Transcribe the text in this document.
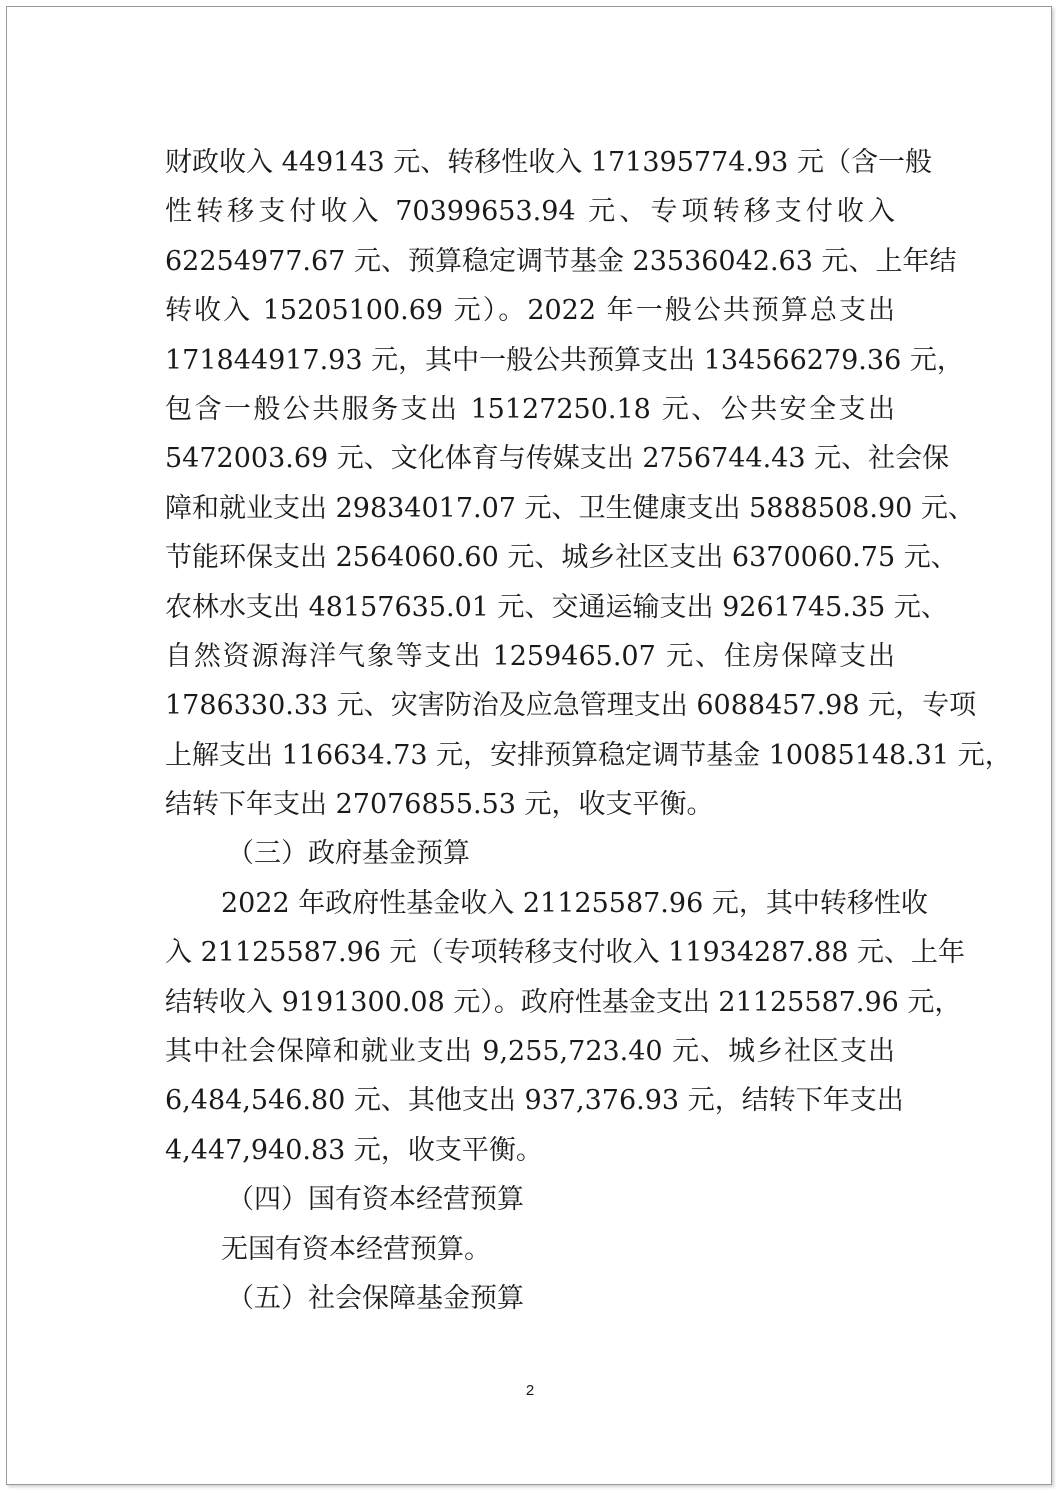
财政收入 449143 元、转移性收入 171395774.93 元（含一般
性转移支付收入 70399653.94 元、专项转移支付收入
62254977.67 元、预算稳定调节基金 23536042.63 元、上年结
转收入 15205100.69 元）。2022 年一般公共预算总支出
171844917.93 元，其中一般公共预算支出 134566279.36 元，
包含一般公共服务支出 15127250.18 元、公共安全支出
5472003.69 元、文化体育与传媒支出 2756744.43 元、社会保
障和就业支出 29834017.07 元、卫生健康支出 5888508.90 元、
节能环保支出 2564060.60 元、城乡社区支出 6370060.75 元、
农林水支出 48157635.01 元、交通运输支出 9261745.35 元、
自然资源海洋气象等支出 1259465.07 元、住房保障支出
1786330.33 元、灾害防治及应急管理支出 6088457.98 元，专项
上解支出 116634.73 元，安排预算稳定调节基金 10085148.31 元，
结转下年支出 27076855.53 元，收支平衡。
（三）政府基金预算
2022 年政府性基金收入 21125587.96 元，其中转移性收
入 21125587.96 元（专项转移支付收入 11934287.88 元、上年
结转收入 9191300.08 元）。政府性基金支出 21125587.96 元，
其中社会保障和就业支出 9,255,723.40 元、城乡社区支出
6,484,546.80 元、其他支出 937,376.93 元，结转下年支出
4,447,940.83 元，收支平衡。
（四）国有资本经营预算
无国有资本经营预算。
（五）社会保障基金预算
2
